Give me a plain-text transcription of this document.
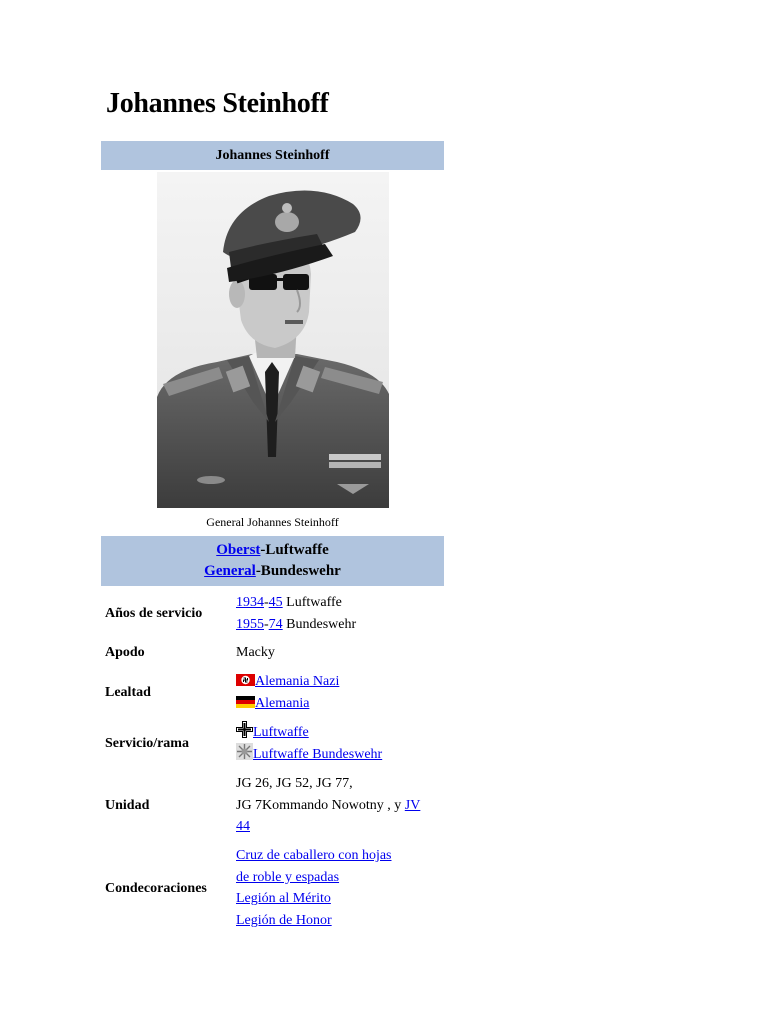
Johannes Steinhoff
Johannes Steinhoff
General Johannes Steinhoff
Oberst-Luftwaffe
General-Bundeswehr
Años de servicio	1934-45 Luftwaffe
1955-74 Bundeswehr

Apodo	Macky
Lealtad	Alemania Nazi
Alemania

Servicio/rama	Luftwaffe
Luftwaffe Bundeswehr

Unidad	JG 26, JG 52, JG 77,
JG 7Kommando Nowotny , y JV
44

Condecoraciones	Cruz de caballero con hojas
de roble y espadas
Legión al Mérito
Legión de Honor
